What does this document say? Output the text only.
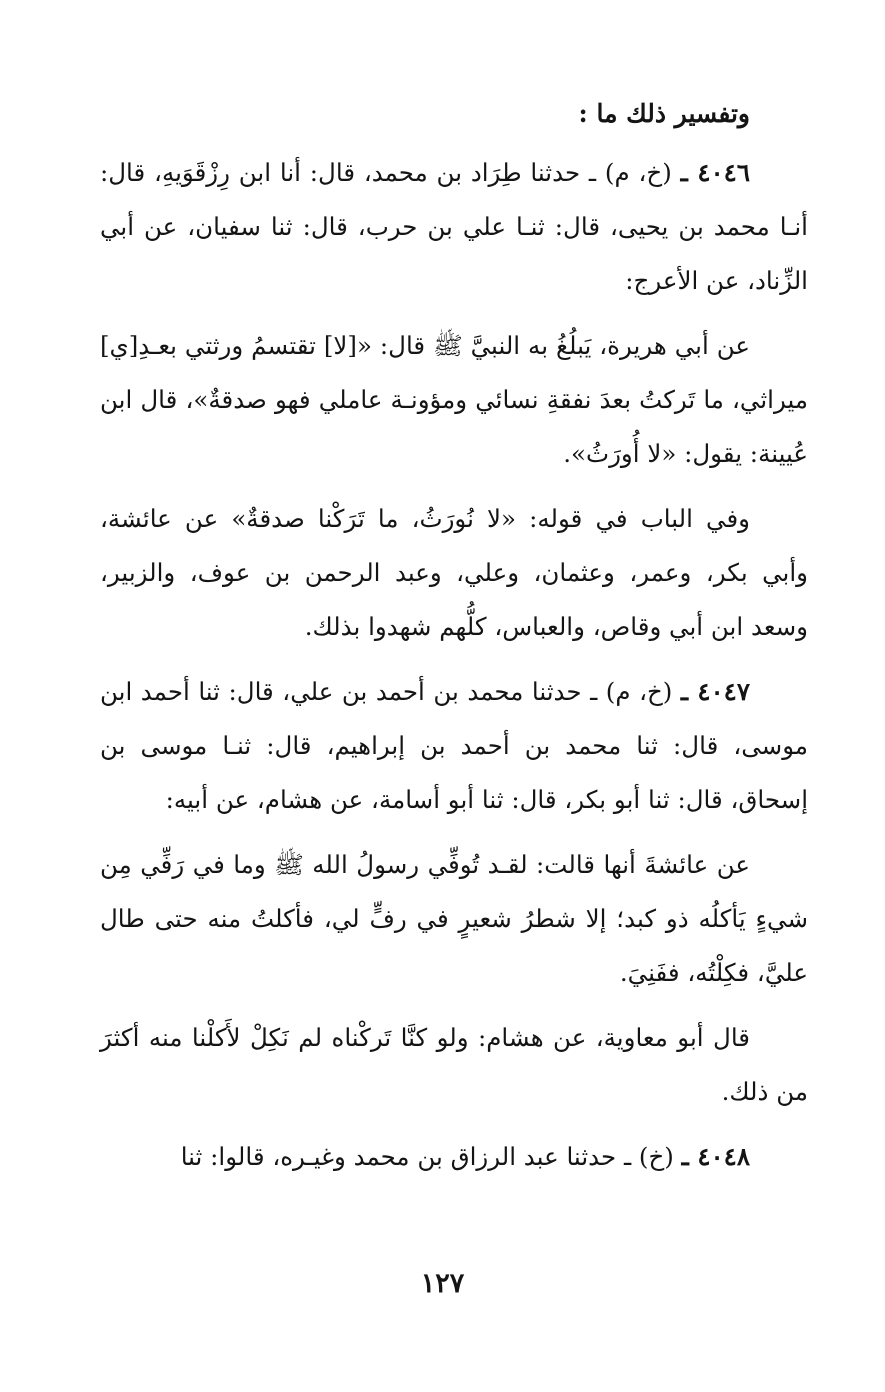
وتفسير ذلك ما :

٤٠٤٦ ـ (خ، م) ـ حدثنا طِرَاد بن محمد، قال: أنا ابن رِزْقَوَيهِ، قال: أنـا محمد بن يحيى، قال: ثنـا علي بن حرب، قال: ثنا سفيان، عن أبي الزِّناد، عن الأعرج:

عن أبي هريرة، يَبلُغُ به النبيَّ ﷺ قال: «[لا] تقتسمُ ورثتي بعـدِ[ي] ميراثي، ما تَركتُ بعدَ نفقةِ نسائي ومؤونـة عاملي فهو صدقةٌ»، قال ابن عُيينة: يقول: «لا أُورَثُ».

وفي الباب في قوله: «لا نُورَثُ، ما تَرَكْنا صدقةٌ» عن عائشة، وأبي بكر، وعمر، وعثمان، وعلي، وعبد الرحمن بن عوف، والزبير، وسعد ابن أبي وقاص، والعباس، كلُّهم شهدوا بذلك.

٤٠٤٧ ـ (خ، م) ـ حدثنا محمد بن أحمد بن علي، قال: ثنا أحمد ابن موسى، قال: ثنا محمد بن أحمد بن إبراهيم، قال: ثنـا موسى بن إسحاق، قال: ثنا أبو بكر، قال: ثنا أبو أسامة، عن هشام، عن أبيه:

عن عائشةَ أنها قالت: لقـد تُوفِّي رسولُ الله ﷺ وما في رَفِّي مِن شيءٍ يَأكلُه ذو كبد؛ إلا شطرُ شعيرٍ في رفٍّ لي، فأكلتُ منه حتى طال عليَّ، فكِلْتُه، ففَنِيَ.

قال أبو معاوية، عن هشام: ولو كنَّا تَركْناه لم نَكِلْ لأَكلْنا منه أكثرَ من ذلك.

٤٠٤٨ ـ (خ) ـ حدثنا عبد الرزاق بن محمد وغيـره، قالوا: ثنا

١٢٧
